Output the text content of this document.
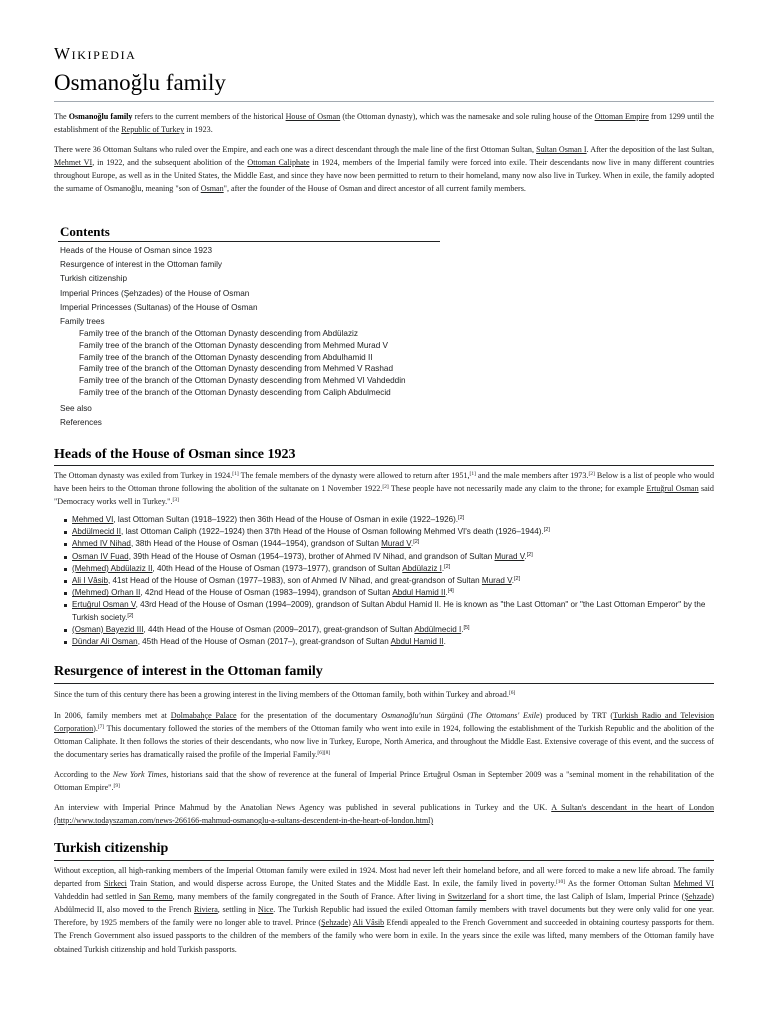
Wikipedia
Osmanoğlu family

The Osmanoğlu family refers to the current members of the historical House of Osman (the Ottoman dynasty), which was the namesake and sole ruling house of the Ottoman Empire from 1299 until the establishment of the Republic of Turkey in 1923.

There were 36 Ottoman Sultans who ruled over the Empire, and each one was a direct descendant through the male line of the first Ottoman Sultan, Sultan Osman I. After the deposition of the last Sultan, Mehmet VI, in 1922, and the subsequent abolition of the Ottoman Caliphate in 1924, members of the Imperial family were forced into exile. Their descendants now live in many different countries throughout Europe, as well as in the United States, the Middle East, and since they have now been permitted to return to their homeland, many now also live in Turkey. When in exile, the family adopted the surname of Osmanoğlu, meaning "son of Osman", after the founder of the House of Osman and direct ancestor of all current family members.

Contents
Heads of the House of Osman since 1923
Resurgence of interest in the Ottoman family
Turkish citizenship
Imperial Princes (Şehzades) of the House of Osman
Imperial Princesses (Sultanas) of the House of Osman
Family trees
Family tree of the branch of the Ottoman Dynasty descending from Abdülaziz
Family tree of the branch of the Ottoman Dynasty descending from Mehmed Murad V
Family tree of the branch of the Ottoman Dynasty descending from Abdulhamid II
Family tree of the branch of the Ottoman Dynasty descending from Mehmed V Rashad
Family tree of the branch of the Ottoman Dynasty descending from Mehmed VI Vahdeddin
Family tree of the branch of the Ottoman Dynasty descending from Caliph Abdulmecid
See also
References
Heads of the House of Osman since 1923

The Ottoman dynasty was exiled from Turkey in 1924.[1] The female members of the dynasty were allowed to return after 1951,[1] and the male members after 1973.[2] Below is a list of people who would have been heirs to the Ottoman throne following the abolition of the sultanate on 1 November 1922.[2] These people have not necessarily made any claim to the throne; for example Ertuğrul Osman said "Democracy works well in Turkey.".[3]

Mehmed VI, last Ottoman Sultan (1918–1922) then 36th Head of the House of Osman in exile (1922–1926).[2]
Abdülmecid II, last Ottoman Caliph (1922–1924) then 37th Head of the House of Osman following Mehmed VI's death (1926–1944).[2]
Ahmed IV Nihad, 38th Head of the House of Osman (1944–1954), grandson of Sultan Murad V.[2]
Osman IV Fuad, 39th Head of the House of Osman (1954–1973), brother of Ahmed IV Nihad, and grandson of Sultan Murad V.[2]
(Mehmed) Abdülaziz II, 40th Head of the House of Osman (1973–1977), grandson of Sultan Abdülaziz I.[2]
Ali I Vâsib, 41st Head of the House of Osman (1977–1983), son of Ahmed IV Nihad, and great-grandson of Sultan Murad V.[2]
(Mehmed) Orhan II, 42nd Head of the House of Osman (1983–1994), grandson of Sultan Abdul Hamid II.[4]
Ertuğrul Osman V, 43rd Head of the House of Osman (1994–2009), grandson of Sultan Abdul Hamid II. He is known as "the Last Ottoman" or "the Last Ottoman Emperor" by the Turkish society.[2]
(Osman) Bayezid III, 44th Head of the House of Osman (2009–2017), great-grandson of Sultan Abdülmecid I.[5]
Dündar Ali Osman, 45th Head of the House of Osman (2017–), great-grandson of Sultan Abdul Hamid II.
Resurgence of interest in the Ottoman family

Since the turn of this century there has been a growing interest in the living members of the Ottoman family, both within Turkey and abroad.[6]

In 2006, family members met at Dolmabahçe Palace for the presentation of the documentary Osmanoğlu'nun Sürgünü (The Ottomans' Exile) produced by TRT (Turkish Radio and Television Corporation).[7] This documentary followed the stories of the members of the Ottoman family who went into exile in 1924, following the establishment of the Turkish Republic and the abolition of the Ottoman Caliphate. It then follows the stories of their descendants, who now live in Turkey, Europe, North America, and throughout the Middle East. Extensive coverage of this event, and the success of the documentary series has dramatically raised the profile of the Imperial Family.[6][8]

According to the New York Times, historians said that the show of reverence at the funeral of Imperial Prince Ertuğrul Osman in September 2009 was a "seminal moment in the rehabilitation of the Ottoman Empire".[9]

An interview with Imperial Prince Mahmud by the Anatolian News Agency was published in several publications in Turkey and the UK. A Sultan's descendant in the heart of London (http://www.todayszaman.com/news-266166-mahmud-osmanoglu-a-sultans-descendent-in-the-heart-of-london.html)

Turkish citizenship

Without exception, all high-ranking members of the Imperial Ottoman family were exiled in 1924. Most had never left their homeland before, and all were forced to make a new life abroad. The family departed from Sirkeci Train Station, and would disperse across Europe, the United States and the Middle East. In exile, the family lived in poverty.[10] As the former Ottoman Sultan Mehmed VI Vahdeddin had settled in San Remo, many members of the family congregated in the South of France. After living in Switzerland for a short time, the last Caliph of Islam, Imperial Prince (Şehzade) Abdülmecid II, also moved to the French Riviera, settling in Nice. The Turkish Republic had issued the exiled Ottoman family members with travel documents but they were only valid for one year. Therefore, by 1925 members of the family were no longer able to travel. Prince (Şehzade) Ali Vâsib Efendi appealed to the French Government and succeeded in obtaining courtesy passports for them. The French Government also issued passports to the children of the members of the family who were born in exile. In the years since the exile was lifted, many members of the Ottoman family have obtained Turkish citizenship and hold Turkish passports.
